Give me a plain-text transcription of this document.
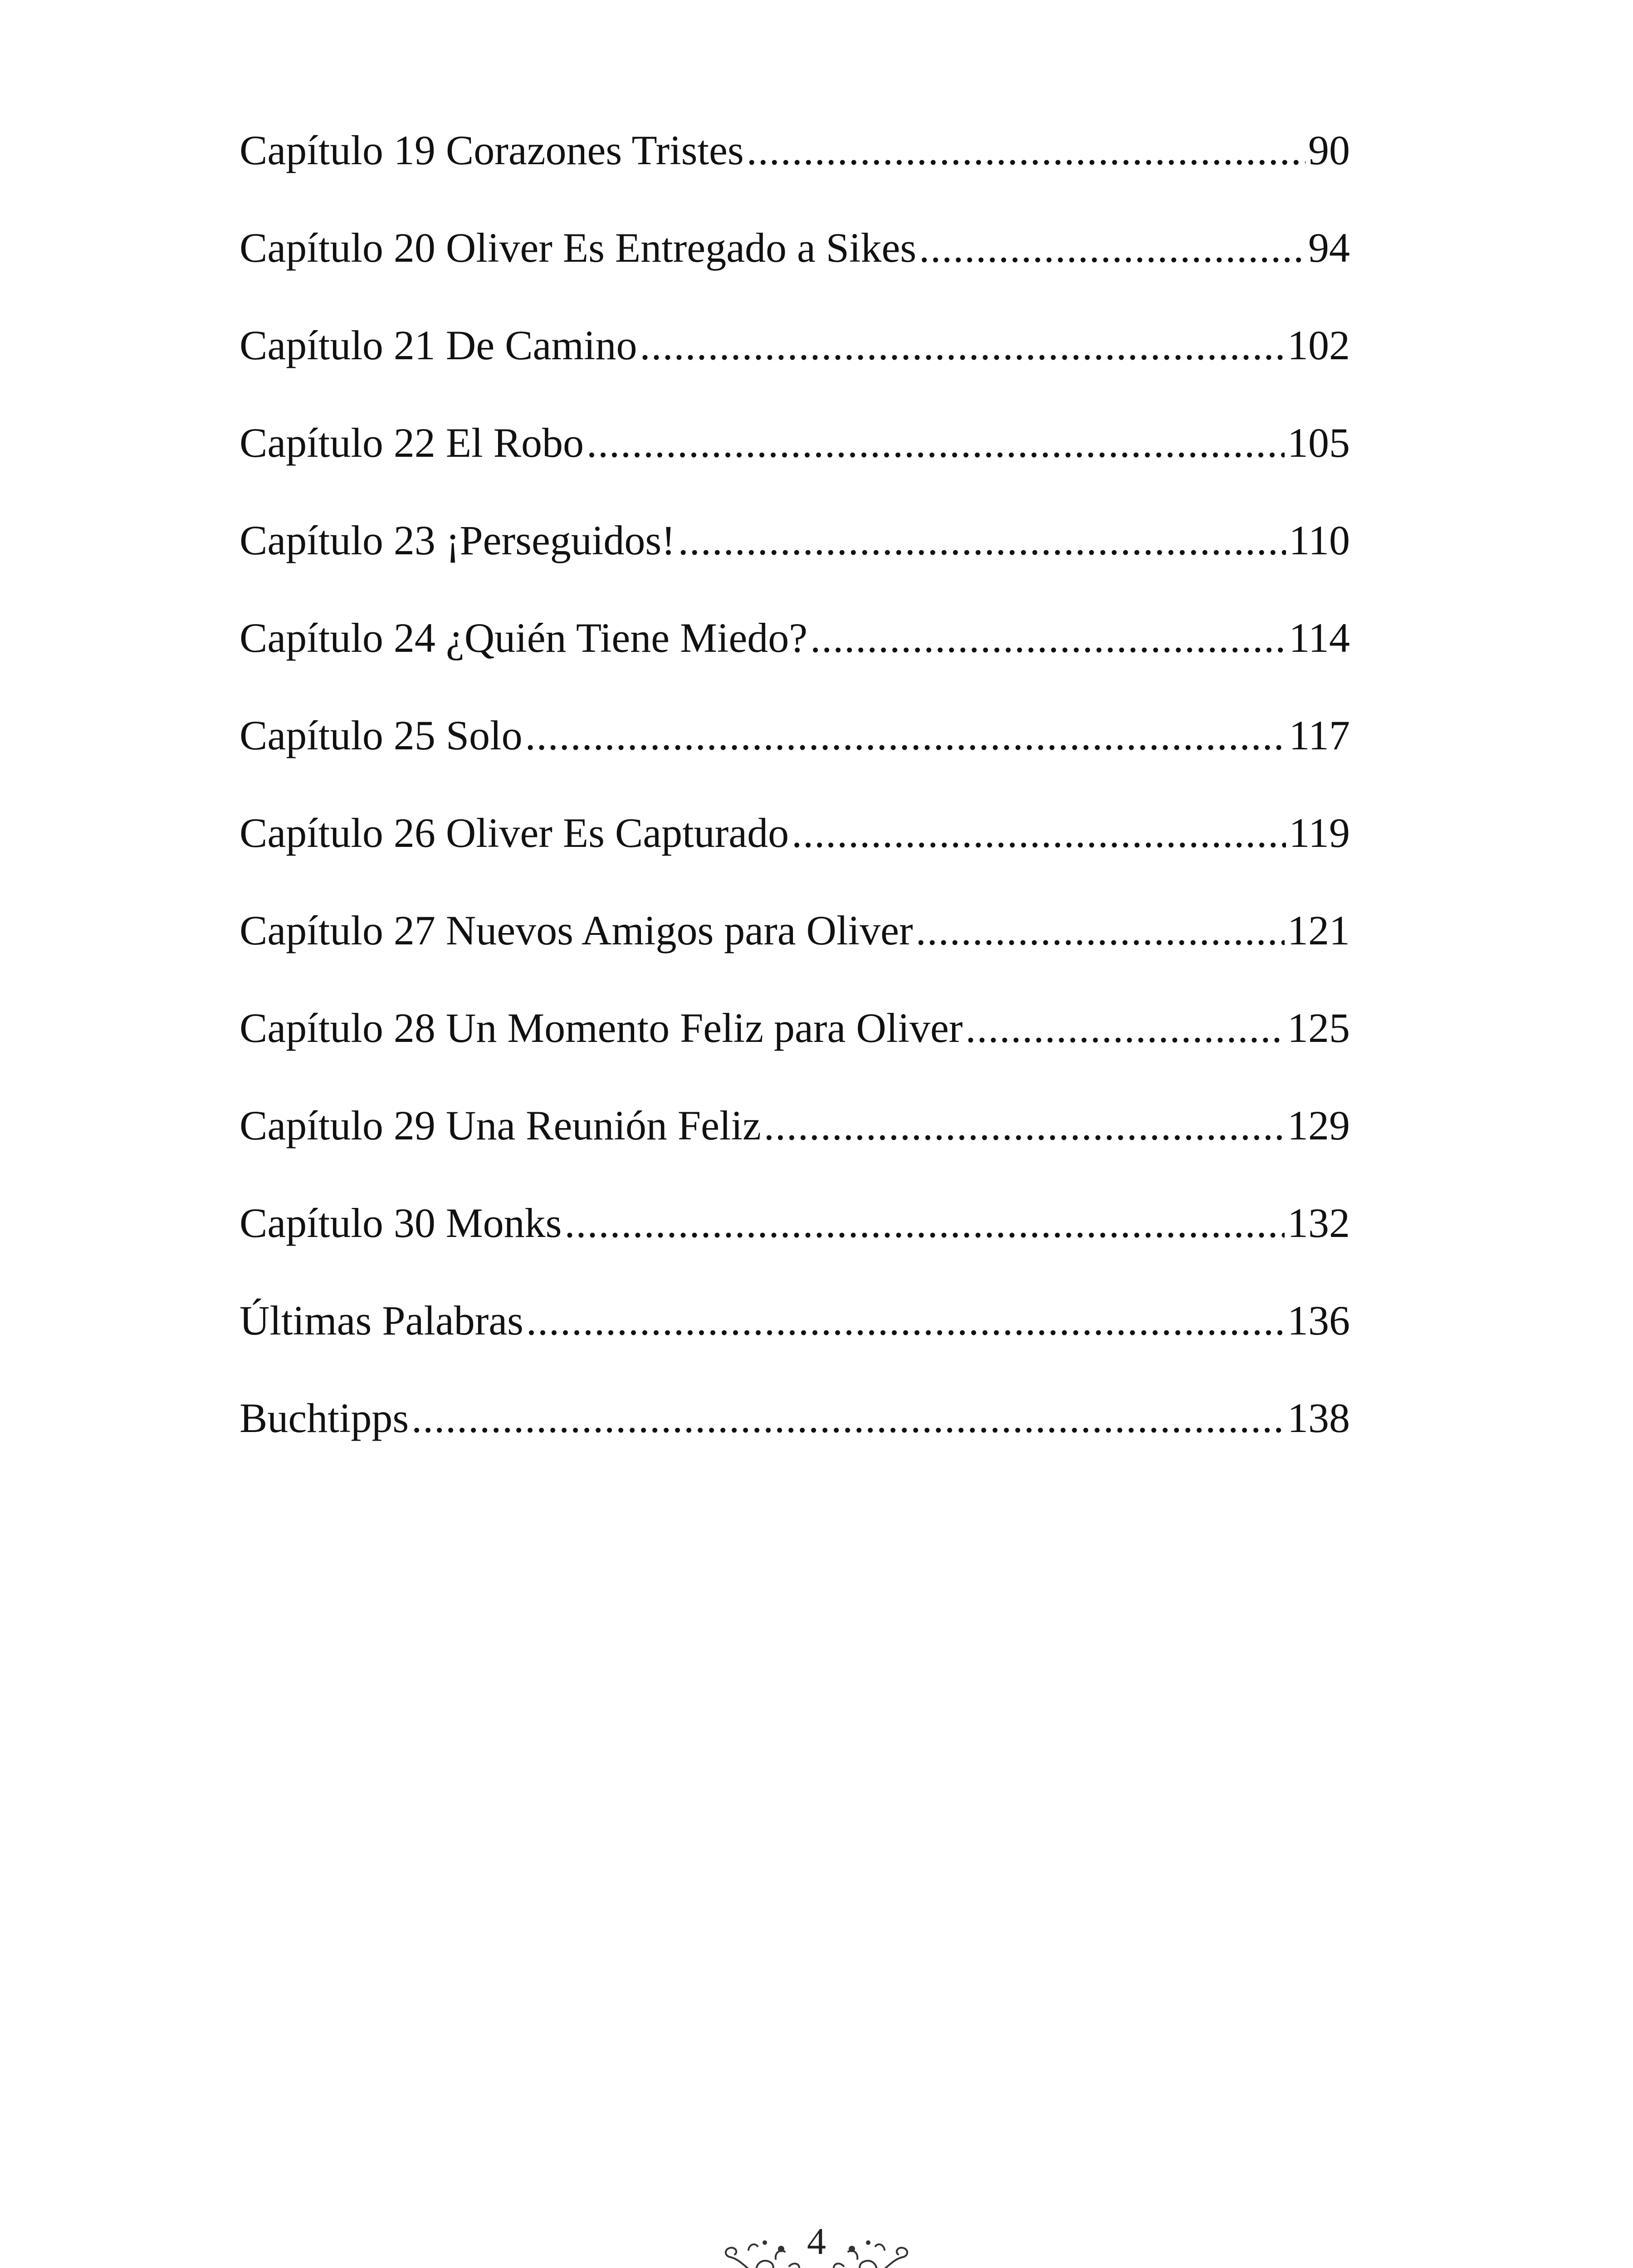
Capítulo 19 Corazones Tristes .....	90
Capítulo 20 Oliver Es Entregado a Sikes .....	94
Capítulo 21 De Camino .....	102
Capítulo 22 El Robo .....	105
Capítulo 23 ¡Perseguidos! .....	110
Capítulo 24 ¿Quién Tiene Miedo? .....	114
Capítulo 25 Solo .....	117
Capítulo 26 Oliver Es Capturado .....	119
Capítulo 27 Nuevos Amigos para Oliver .....	121
Capítulo 28 Un Momento Feliz para Oliver .....	125
Capítulo 29 Una Reunión Feliz .....	129
Capítulo 30 Monks .....	132
Últimas Palabras .....	136
Buchtipps .....	138
4
